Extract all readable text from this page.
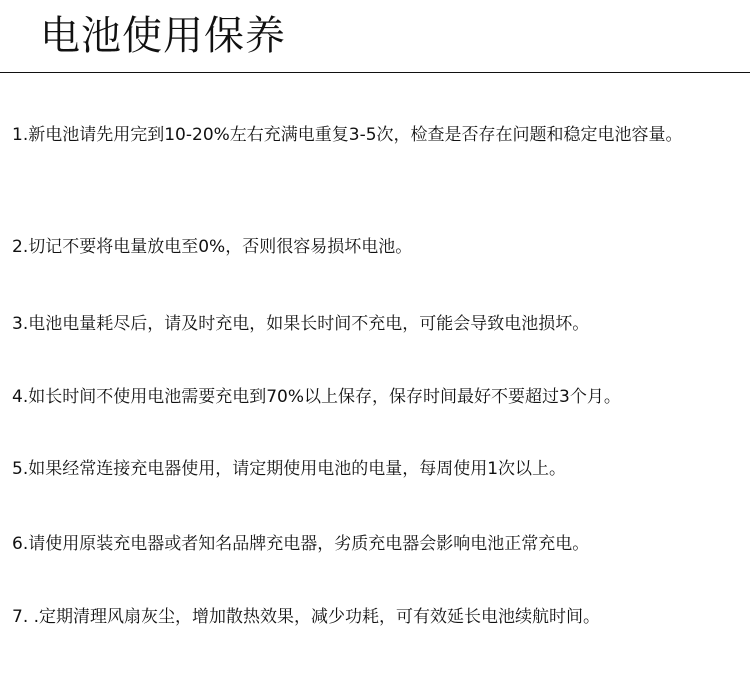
电池使用保养
1. 新电池请先用完到10-20%左右充满电重复3-5次，检查是否存在问题和稳定电池容量。
2. 切记不要将电量放电至0%，否则很容易损坏电池。
3. 电池电量耗尽后，请及时充电，如果长时间不充电，可能会导致电池损坏。
4. 如长时间不使用电池需要充电到70%以上保存，保存时间最好不要超过3个月。
5. 如果经常连接充电器使用，请定期使用电池的电量，每周使用1次以上。
6. 请使用原装充电器或者知名品牌充电器，劣质充电器会影响电池正常充电。
7. . 定期清理风扇灰尘，增加散热效果，减少功耗，可有效延长电池续航时间。
